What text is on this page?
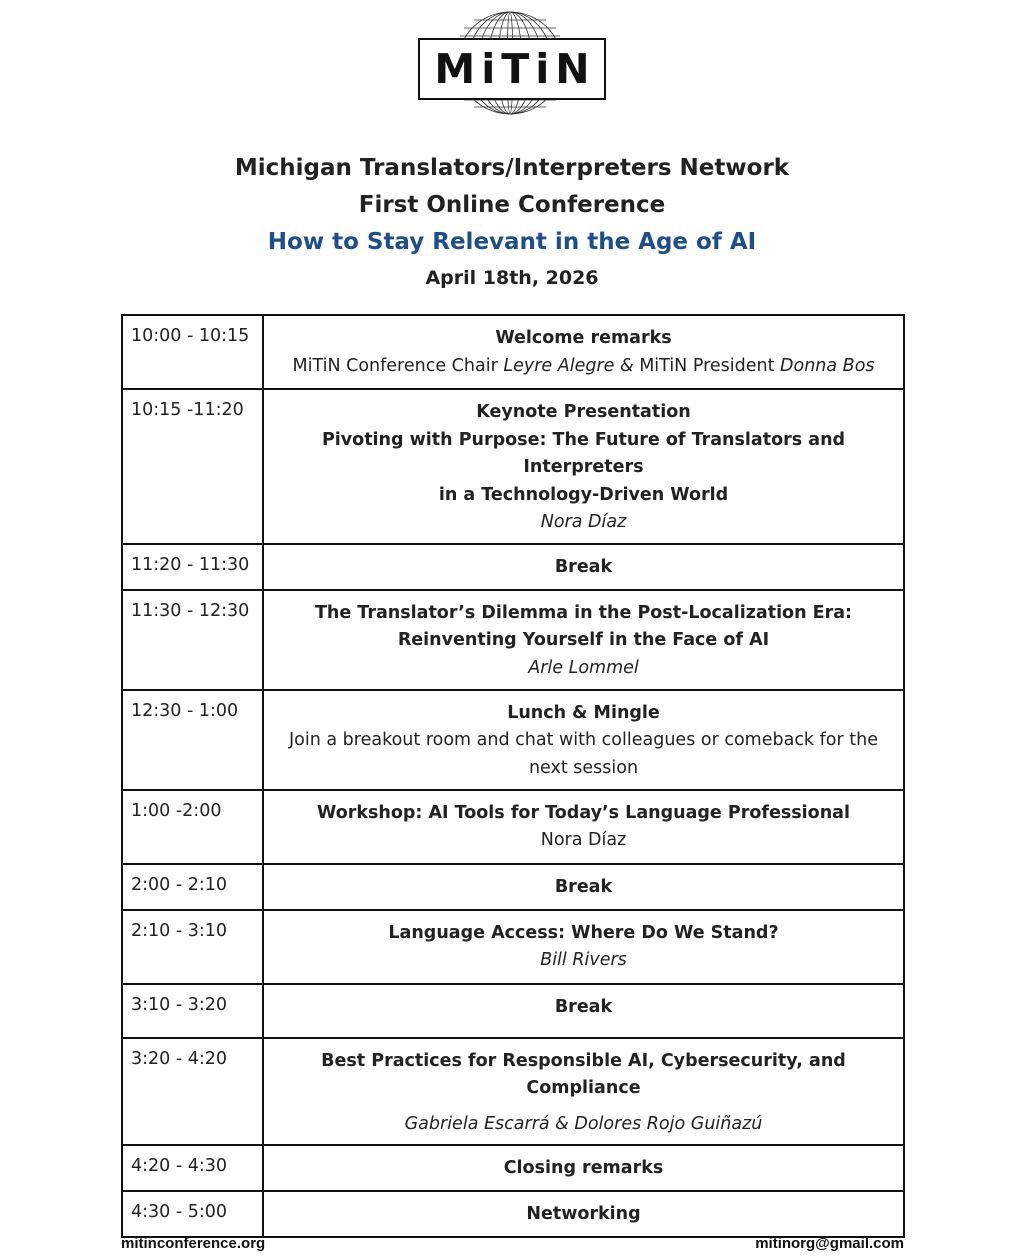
MiTiN
Michigan Translators/Interpreters Network
First Online Conference
How to Stay Relevant in the Age of AI
April 18th, 2026
10:00 - 10:15	Welcome remarks
MiTiN Conference Chair Leyre Alegre & MiTiN President Donna Bos

10:15 -11:20	Keynote Presentation
Pivoting with Purpose: The Future of Translators and Interpreters
in a Technology-Driven World
Nora Díaz

11:20 - 11:30	Break

11:30 - 12:30	The Translator’s Dilemma in the Post-Localization Era:
Reinventing Yourself in the Face of AI
Arle Lommel

12:30 - 1:00	Lunch & Mingle
Join a breakout room and chat with colleagues or comeback for the
next session

1:00 -2:00	Workshop: AI Tools for Today’s Language Professional
Nora Díaz

2:00 - 2:10	Break

2:10 - 3:10	Language Access: Where Do We Stand?
Bill Rivers

3:10 - 3:20	Break

3:20 - 4:20	Best Practices for Responsible AI, Cybersecurity, and Compliance
Gabriela Escarrá & Dolores Rojo Guiñazú

4:20 - 4:30	Closing remarks

4:30 - 5:00	Networking
mitinconference.org	mitinorg@gmail.com
